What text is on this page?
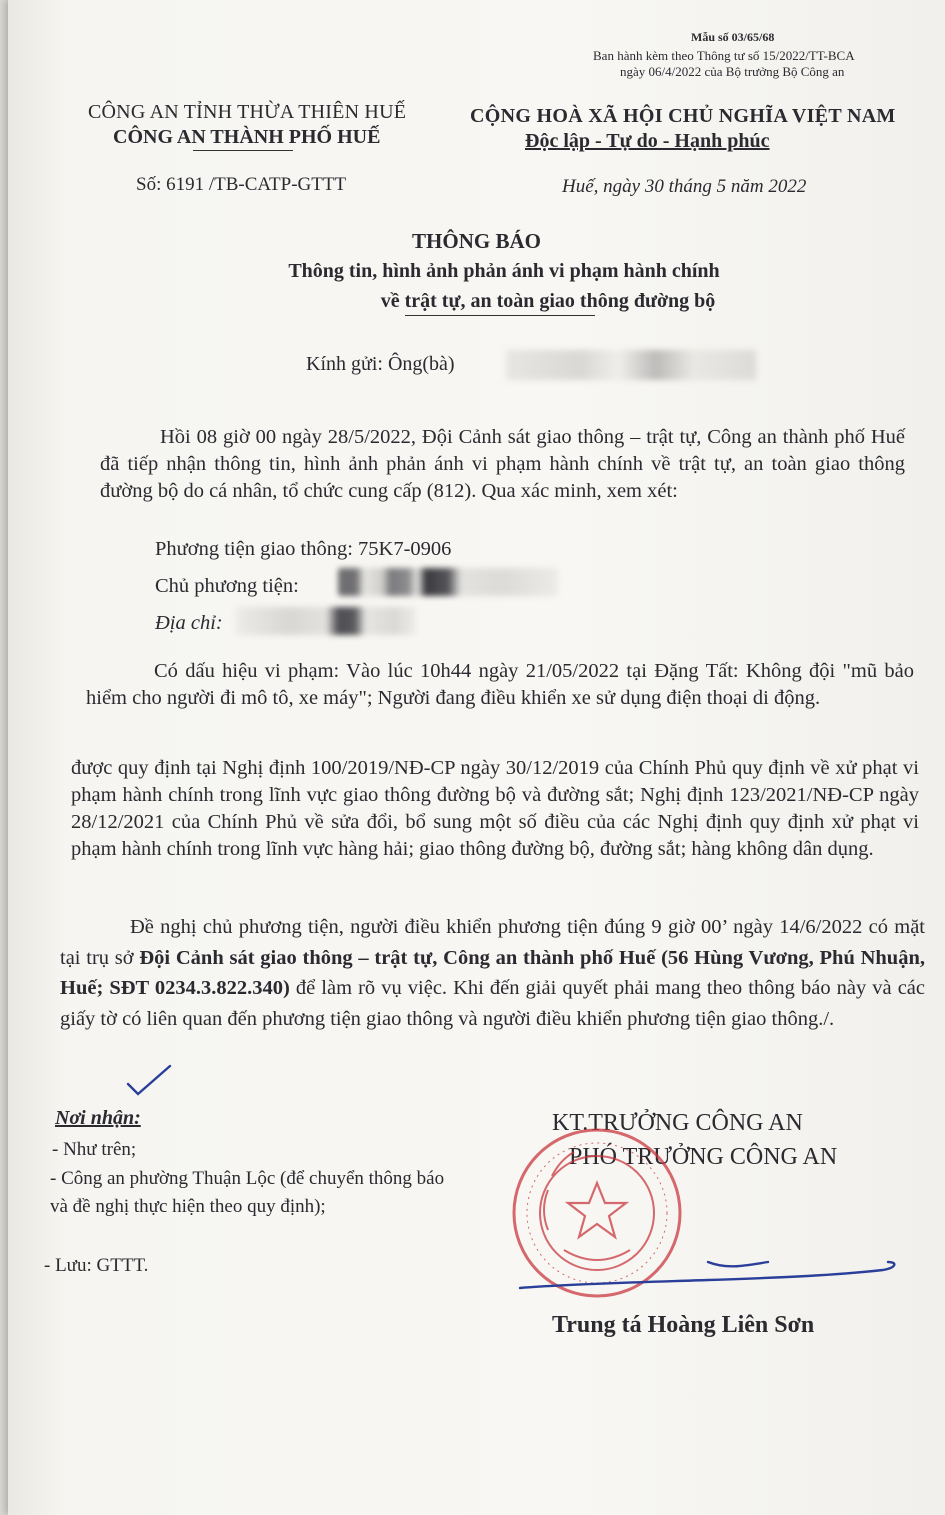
Mẫu số 03/65/68
Ban hành kèm theo Thông tư số 15/2022/TT-BCA
ngày 06/4/2022 của Bộ trưởng Bộ Công an
CÔNG AN TỈNH THỪA THIÊN HUẾ
CÔNG AN THÀNH PHỐ HUẾ
CỘNG HOÀ XÃ HỘI CHỦ NGHĨA VIỆT NAM
Độc lập - Tự do - Hạnh phúc
Số: 6191 /TB-CATP-GTTT	Huế, ngày 30 tháng 5 năm 2022
THÔNG BÁO
Thông tin, hình ảnh phản ánh vi phạm hành chính
về trật tự, an toàn giao thông đường bộ
Kính gửi: Ông(bà)
Hồi 08 giờ 00 ngày 28/5/2022, Đội Cảnh sát giao thông – trật tự, Công an thành phố Huế đã tiếp nhận thông tin, hình ảnh phản ánh vi phạm hành chính về trật tự, an toàn giao thông đường bộ do cá nhân, tổ chức cung cấp (812). Qua xác minh, xem xét:
Phương tiện giao thông: 75K7-0906
Chủ phương tiện:
Địa chỉ:
Có dấu hiệu vi phạm: Vào lúc 10h44 ngày 21/05/2022 tại Đặng Tất: Không đội "mũ bảo hiểm cho người đi mô tô, xe máy"; Người đang điều khiển xe sử dụng điện thoại di động.
được quy định tại Nghị định 100/2019/NĐ-CP ngày 30/12/2019 của Chính Phủ quy định về xử phạt vi phạm hành chính trong lĩnh vực giao thông đường bộ và đường sắt; Nghị định 123/2021/NĐ-CP ngày 28/12/2021 của Chính Phủ về sửa đổi, bổ sung một số điều của các Nghị định quy định xử phạt vi phạm hành chính trong lĩnh vực hàng hải; giao thông đường bộ, đường sắt; hàng không dân dụng.
Đề nghị chủ phương tiện, người điều khiển phương tiện đúng 9 giờ 00’ ngày 14/6/2022 có mặt tại trụ sở Đội Cảnh sát giao thông – trật tự, Công an thành phố Huế (56 Hùng Vương, Phú Nhuận, Huế; SĐT 0234.3.822.340) để làm rõ vụ việc. Khi đến giải quyết phải mang theo thông báo này và các giấy tờ có liên quan đến phương tiện giao thông và người điều khiển phương tiện giao thông./.
Nơi nhận:
- Như trên;
- Công an phường Thuận Lộc (để chuyển thông báo và đề nghị thực hiện theo quy định);
- Lưu: GTTT.
KT.TRƯỞNG CÔNG AN
PHÓ TRƯỞNG CÔNG AN
Trung tá Hoàng Liên Sơn
